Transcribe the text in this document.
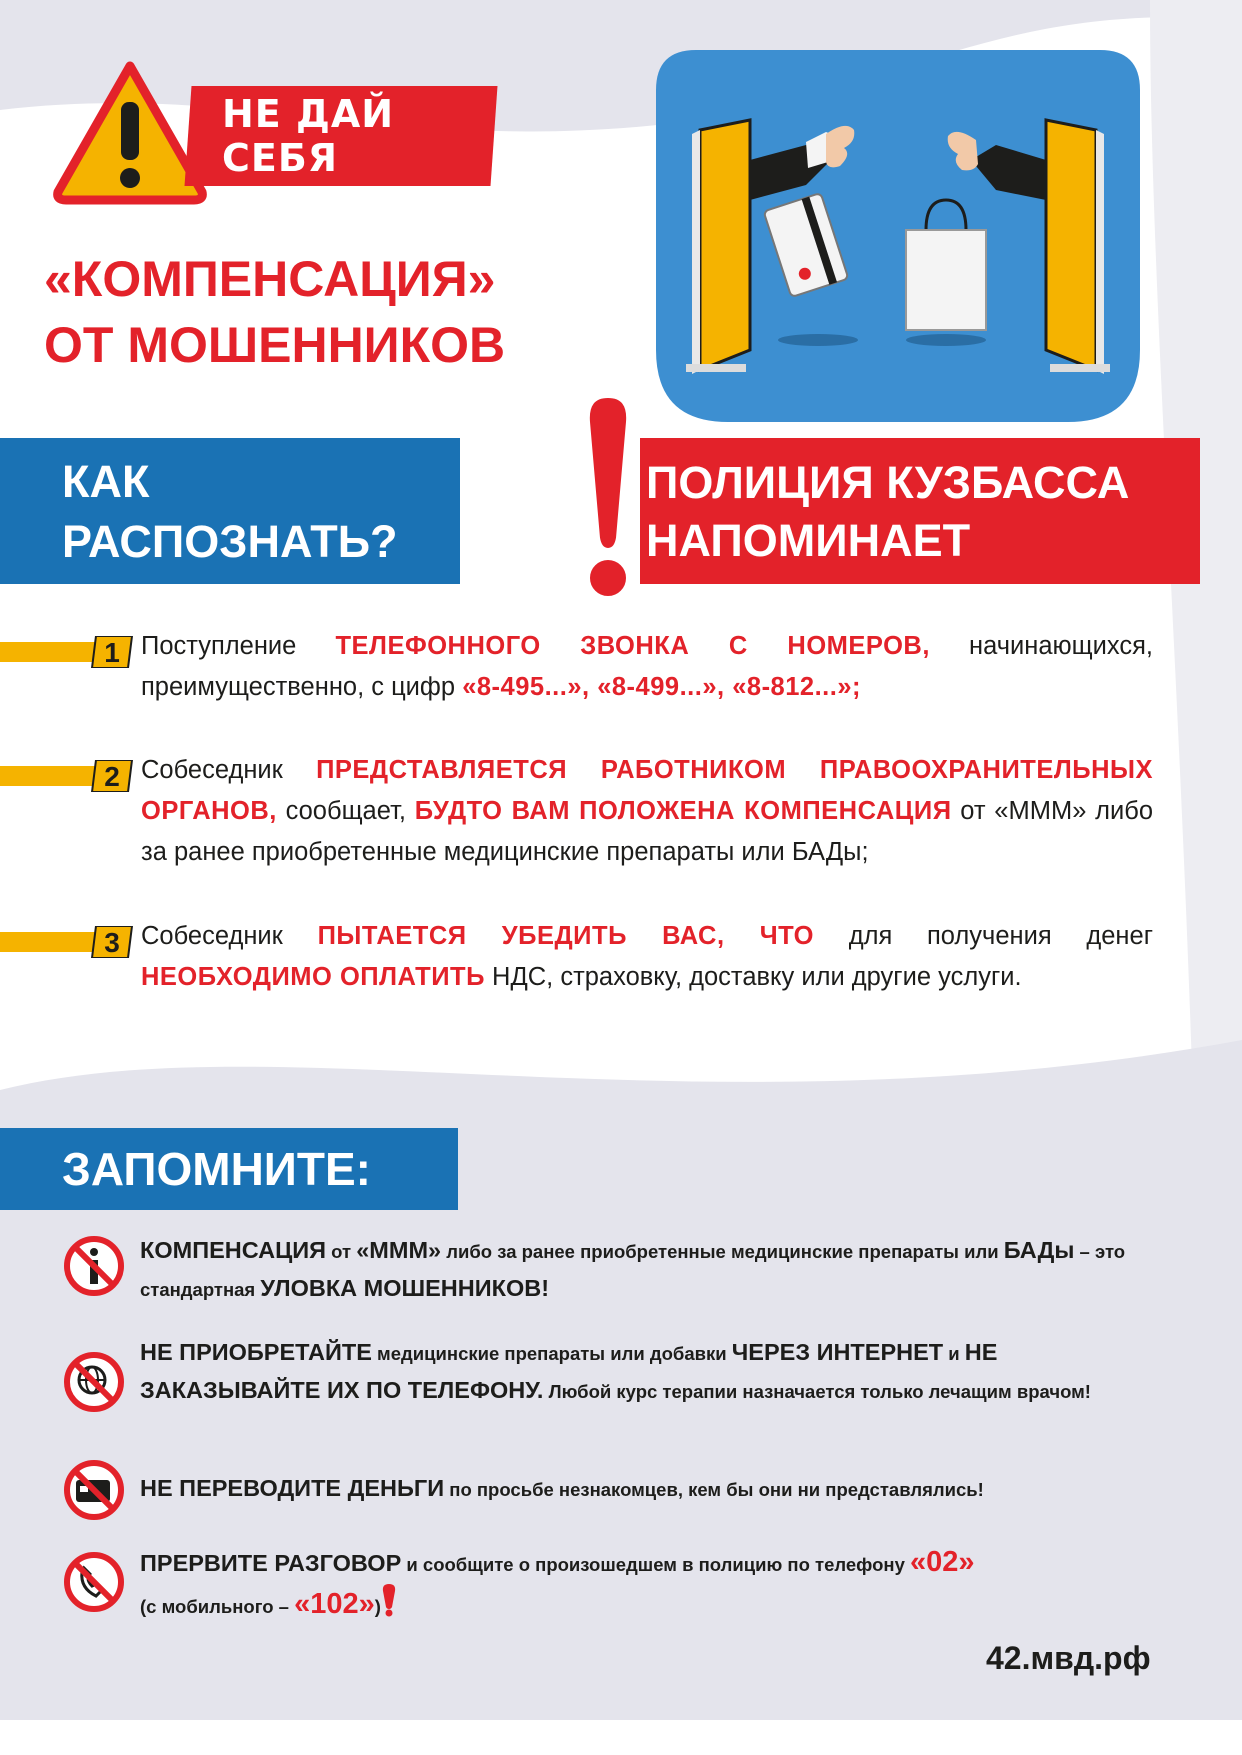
НЕ ДАЙ СЕБЯ
ОБМАНУТЬ!
«КОМПЕНСАЦИЯ»
ОТ МОШЕННИКОВ
КАК
РАСПОЗНАТЬ?
ПОЛИЦИЯ КУЗБАССА
НАПОМИНАЕТ
1 Поступление ТЕЛЕФОННОГО ЗВОНКА С НОМЕРОВ, начинающихся, преимущественно, с цифр «8-495...», «8-499...», «8-812...»;
2 Собеседник ПРЕДСТАВЛЯЕТСЯ РАБОТНИКОМ ПРАВООХРАНИТЕЛЬНЫХ ОРГАНОВ, сообщает, БУДТО ВАМ ПОЛОЖЕНА КОМПЕНСАЦИЯ от «МММ» либо за ранее приобретенные медицинские препараты или БАДы;
3 Собеседник ПЫТАЕТСЯ УБЕДИТЬ ВАС, ЧТО для получения денег НЕОБХОДИМО ОПЛАТИТЬ НДС, страховку, доставку или другие услуги.
ЗАПОМНИТЕ:
КОМПЕНСАЦИЯ от «МММ» либо за ранее приобретенные медицинские препараты или БАДы – это стандартная УЛОВКА МОШЕННИКОВ!
НЕ ПРИОБРЕТАЙТЕ медицинские препараты или добавки ЧЕРЕЗ ИНТЕРНЕТ и НЕ ЗАКАЗЫВАЙТЕ ИХ ПО ТЕЛЕФОНУ. Любой курс терапии назначается только лечащим врачом!
НЕ ПЕРЕВОДИТЕ ДЕНЬГИ по просьбе незнакомцев, кем бы они ни представлялись!
ПРЕРВИТЕ РАЗГОВОР и сообщите о произошедшем в полицию по телефону «02»
(с мобильного – «102»)
42.мвд.рф
